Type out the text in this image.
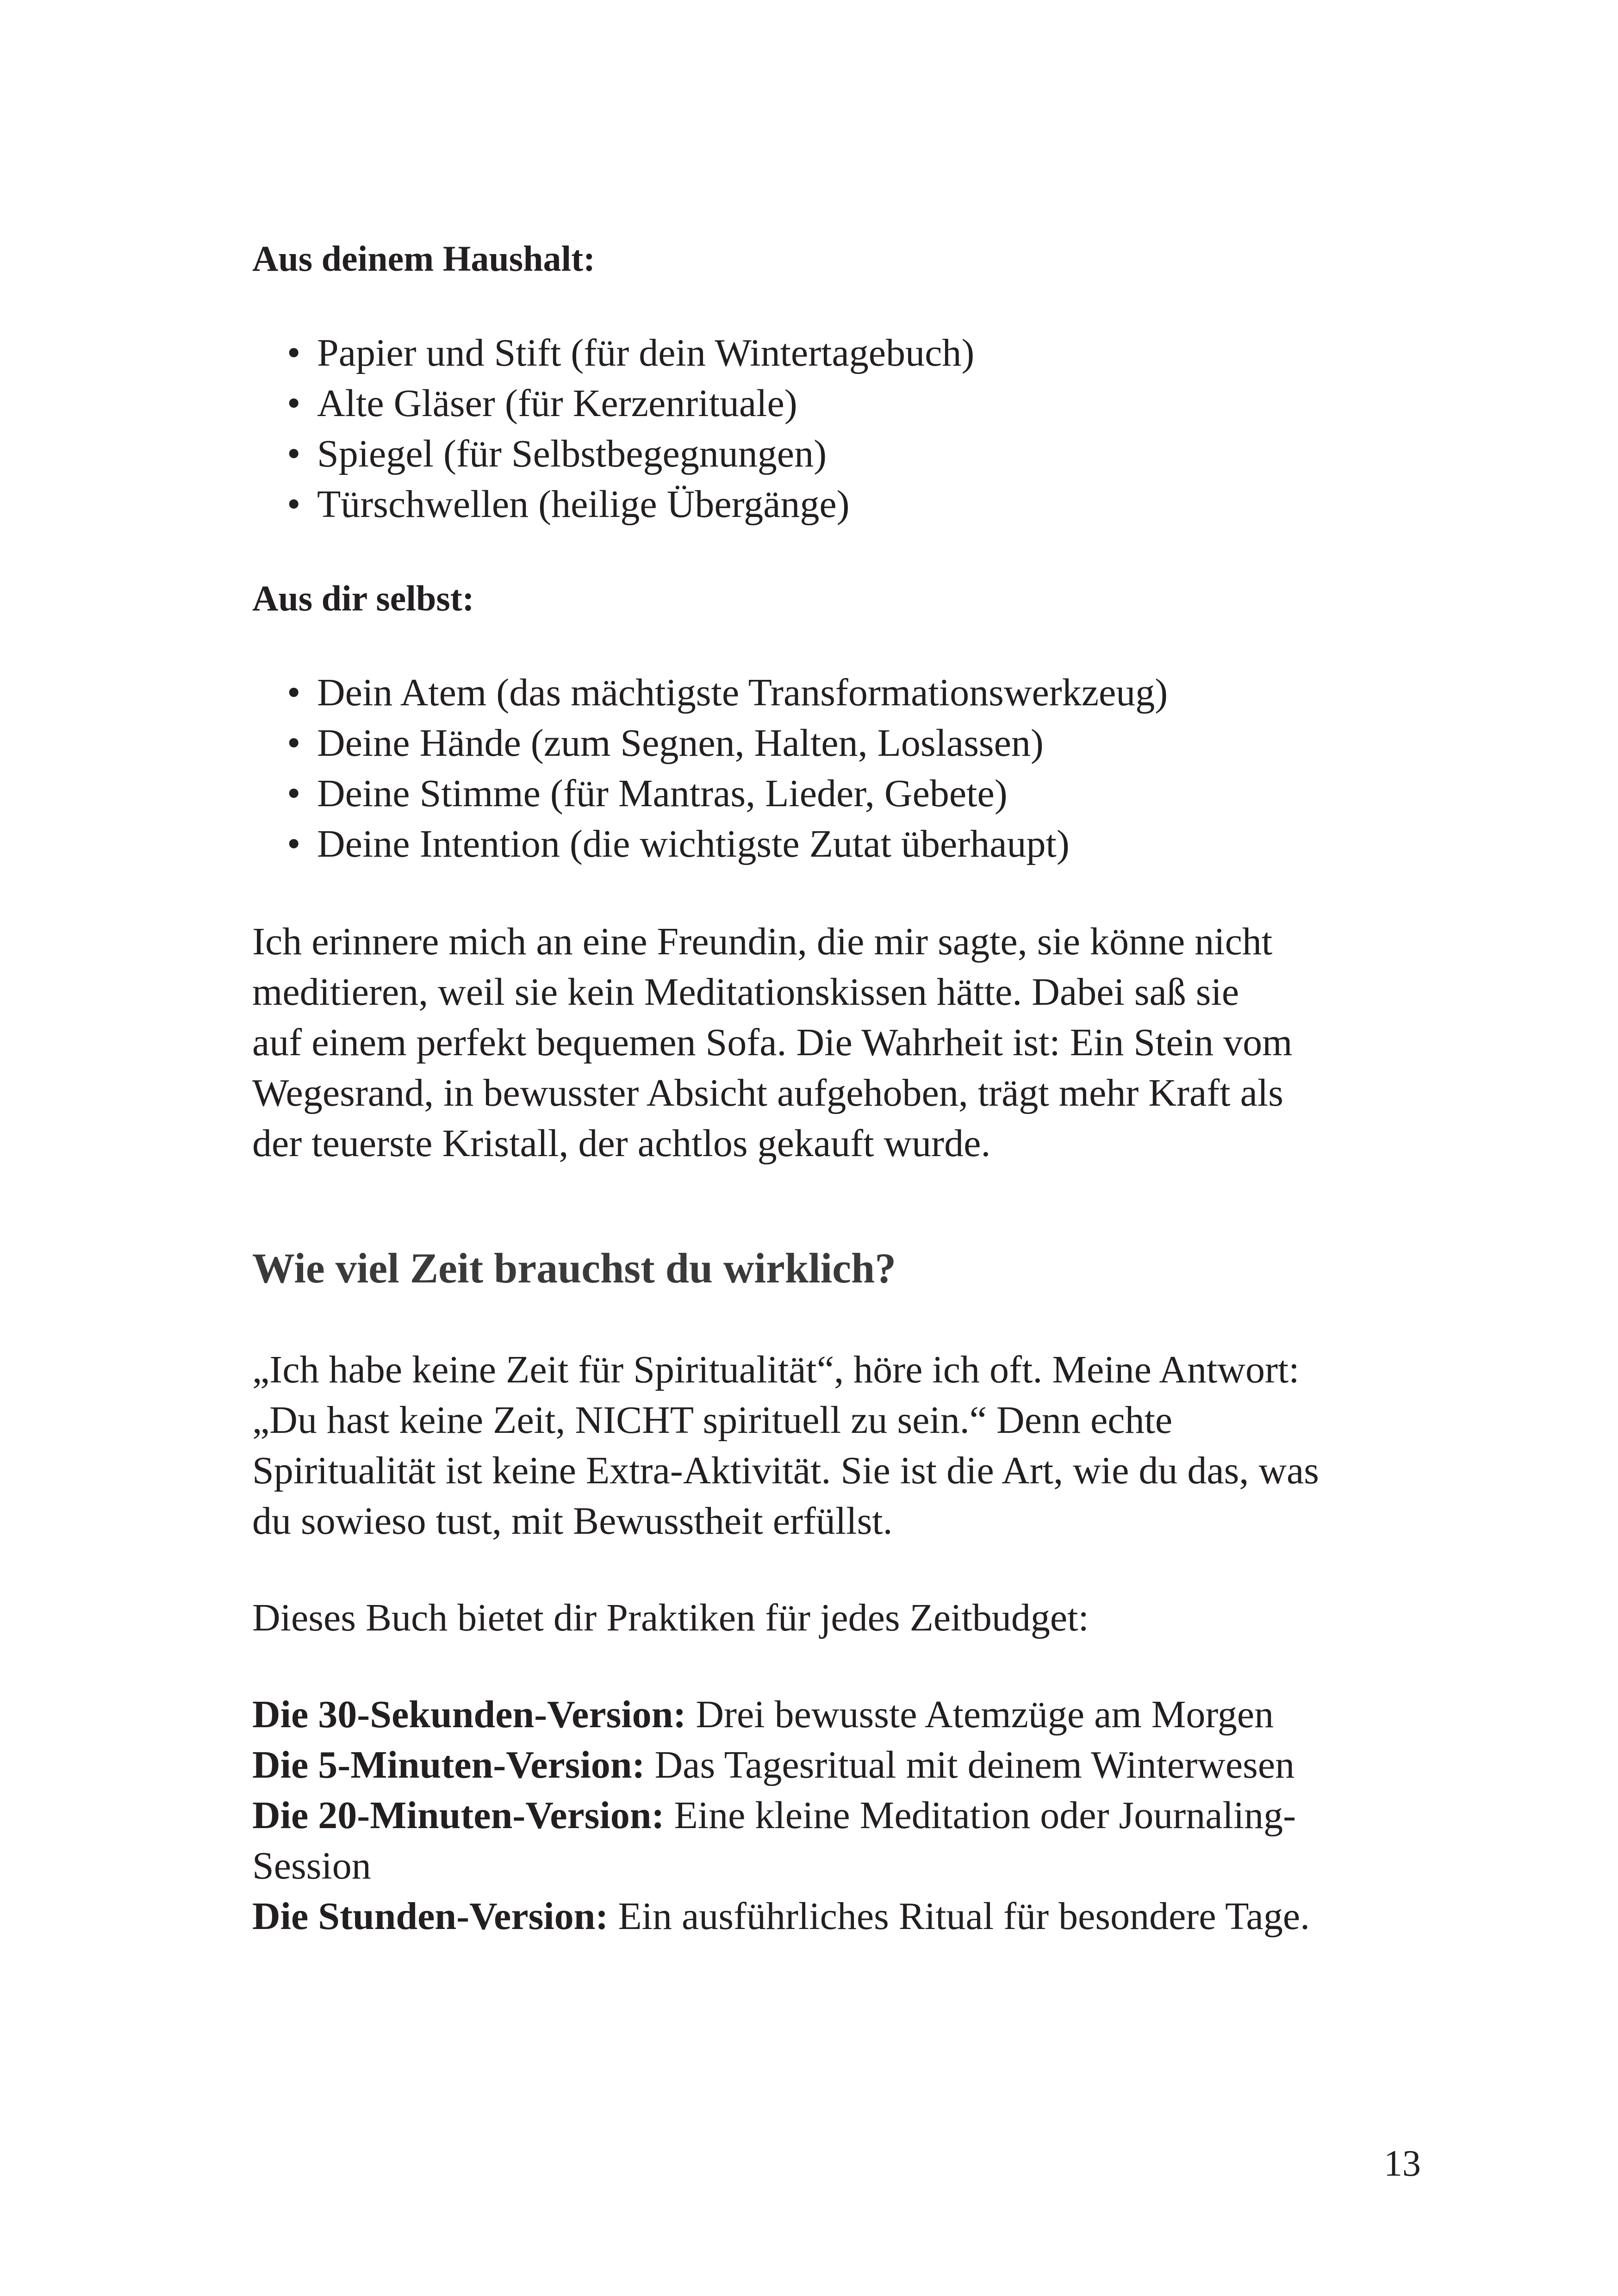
Aus deinem Haushalt:

• Papier und Stift (für dein Wintertagebuch)
• Alte Gläser (für Kerzenrituale)
• Spiegel (für Selbstbegegnungen)
• Türschwellen (heilige Übergänge)

Aus dir selbst:

• Dein Atem (das mächtigste Transformationswerkzeug)
• Deine Hände (zum Segnen, Halten, Loslassen)
• Deine Stimme (für Mantras, Lieder, Gebete)
• Deine Intention (die wichtigste Zutat überhaupt)
Ich erinnere mich an eine Freundin, die mir sagte, sie könne nicht
meditieren, weil sie kein Meditationskissen hätte. Dabei saß sie
auf einem perfekt bequemen Sofa. Die Wahrheit ist: Ein Stein vom
Wegesrand, in bewusster Absicht aufgehoben, trägt mehr Kraft als
der teuerste Kristall, der achtlos gekauft wurde.

Wie viel Zeit brauchst du wirklich?

„Ich habe keine Zeit für Spiritualität“, höre ich oft. Meine Antwort:
„Du hast keine Zeit, NICHT spirituell zu sein.“ Denn echte
Spiritualität ist keine Extra-Aktivität. Sie ist die Art, wie du das, was
du sowieso tust, mit Bewusstheit erfüllst.

Dieses Buch bietet dir Praktiken für jedes Zeitbudget:

Die 30-Sekunden-Version: Drei bewusste Atemzüge am Morgen
Die 5-Minuten-Version: Das Tagesritual mit deinem Winterwesen
Die 20-Minuten-Version: Eine kleine Meditation oder Journaling-
Session
Die Stunden-Version: Ein ausführliches Ritual für besondere Tage.
13
